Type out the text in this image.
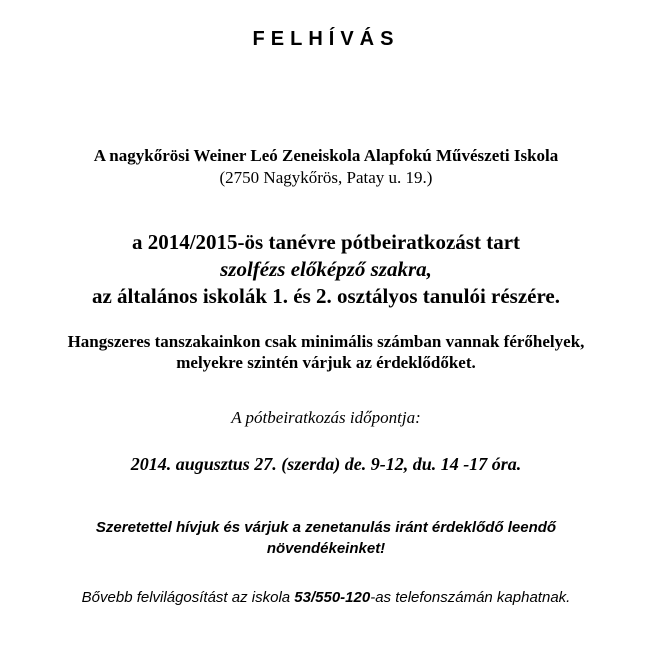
FELHÍVÁS
A nagykőrösi Weiner Leó Zeneiskola Alapfokú Művészeti Iskola
(2750 Nagykőrös, Patay u. 19.)
a 2014/2015-ös tanévre pótbeiratkozást tart
szolfézs előképző szakra,
az általános iskolák 1. és 2. osztályos tanulói részére.
Hangszeres tanszakainkon csak minimális számban vannak férőhelyek,
melyekre szintén várjuk az érdeklődőket.
A pótbeiratkozás időpontja:
2014. augusztus 27. (szerda) de. 9-12, du. 14 -17 óra.
Szeretettel hívjuk és várjuk a zenetanulás iránt érdeklődő leendő
növendékeinket!
Bővebb felvilágosítást az iskola 53/550-120-as telefonszámán kaphatnak.
